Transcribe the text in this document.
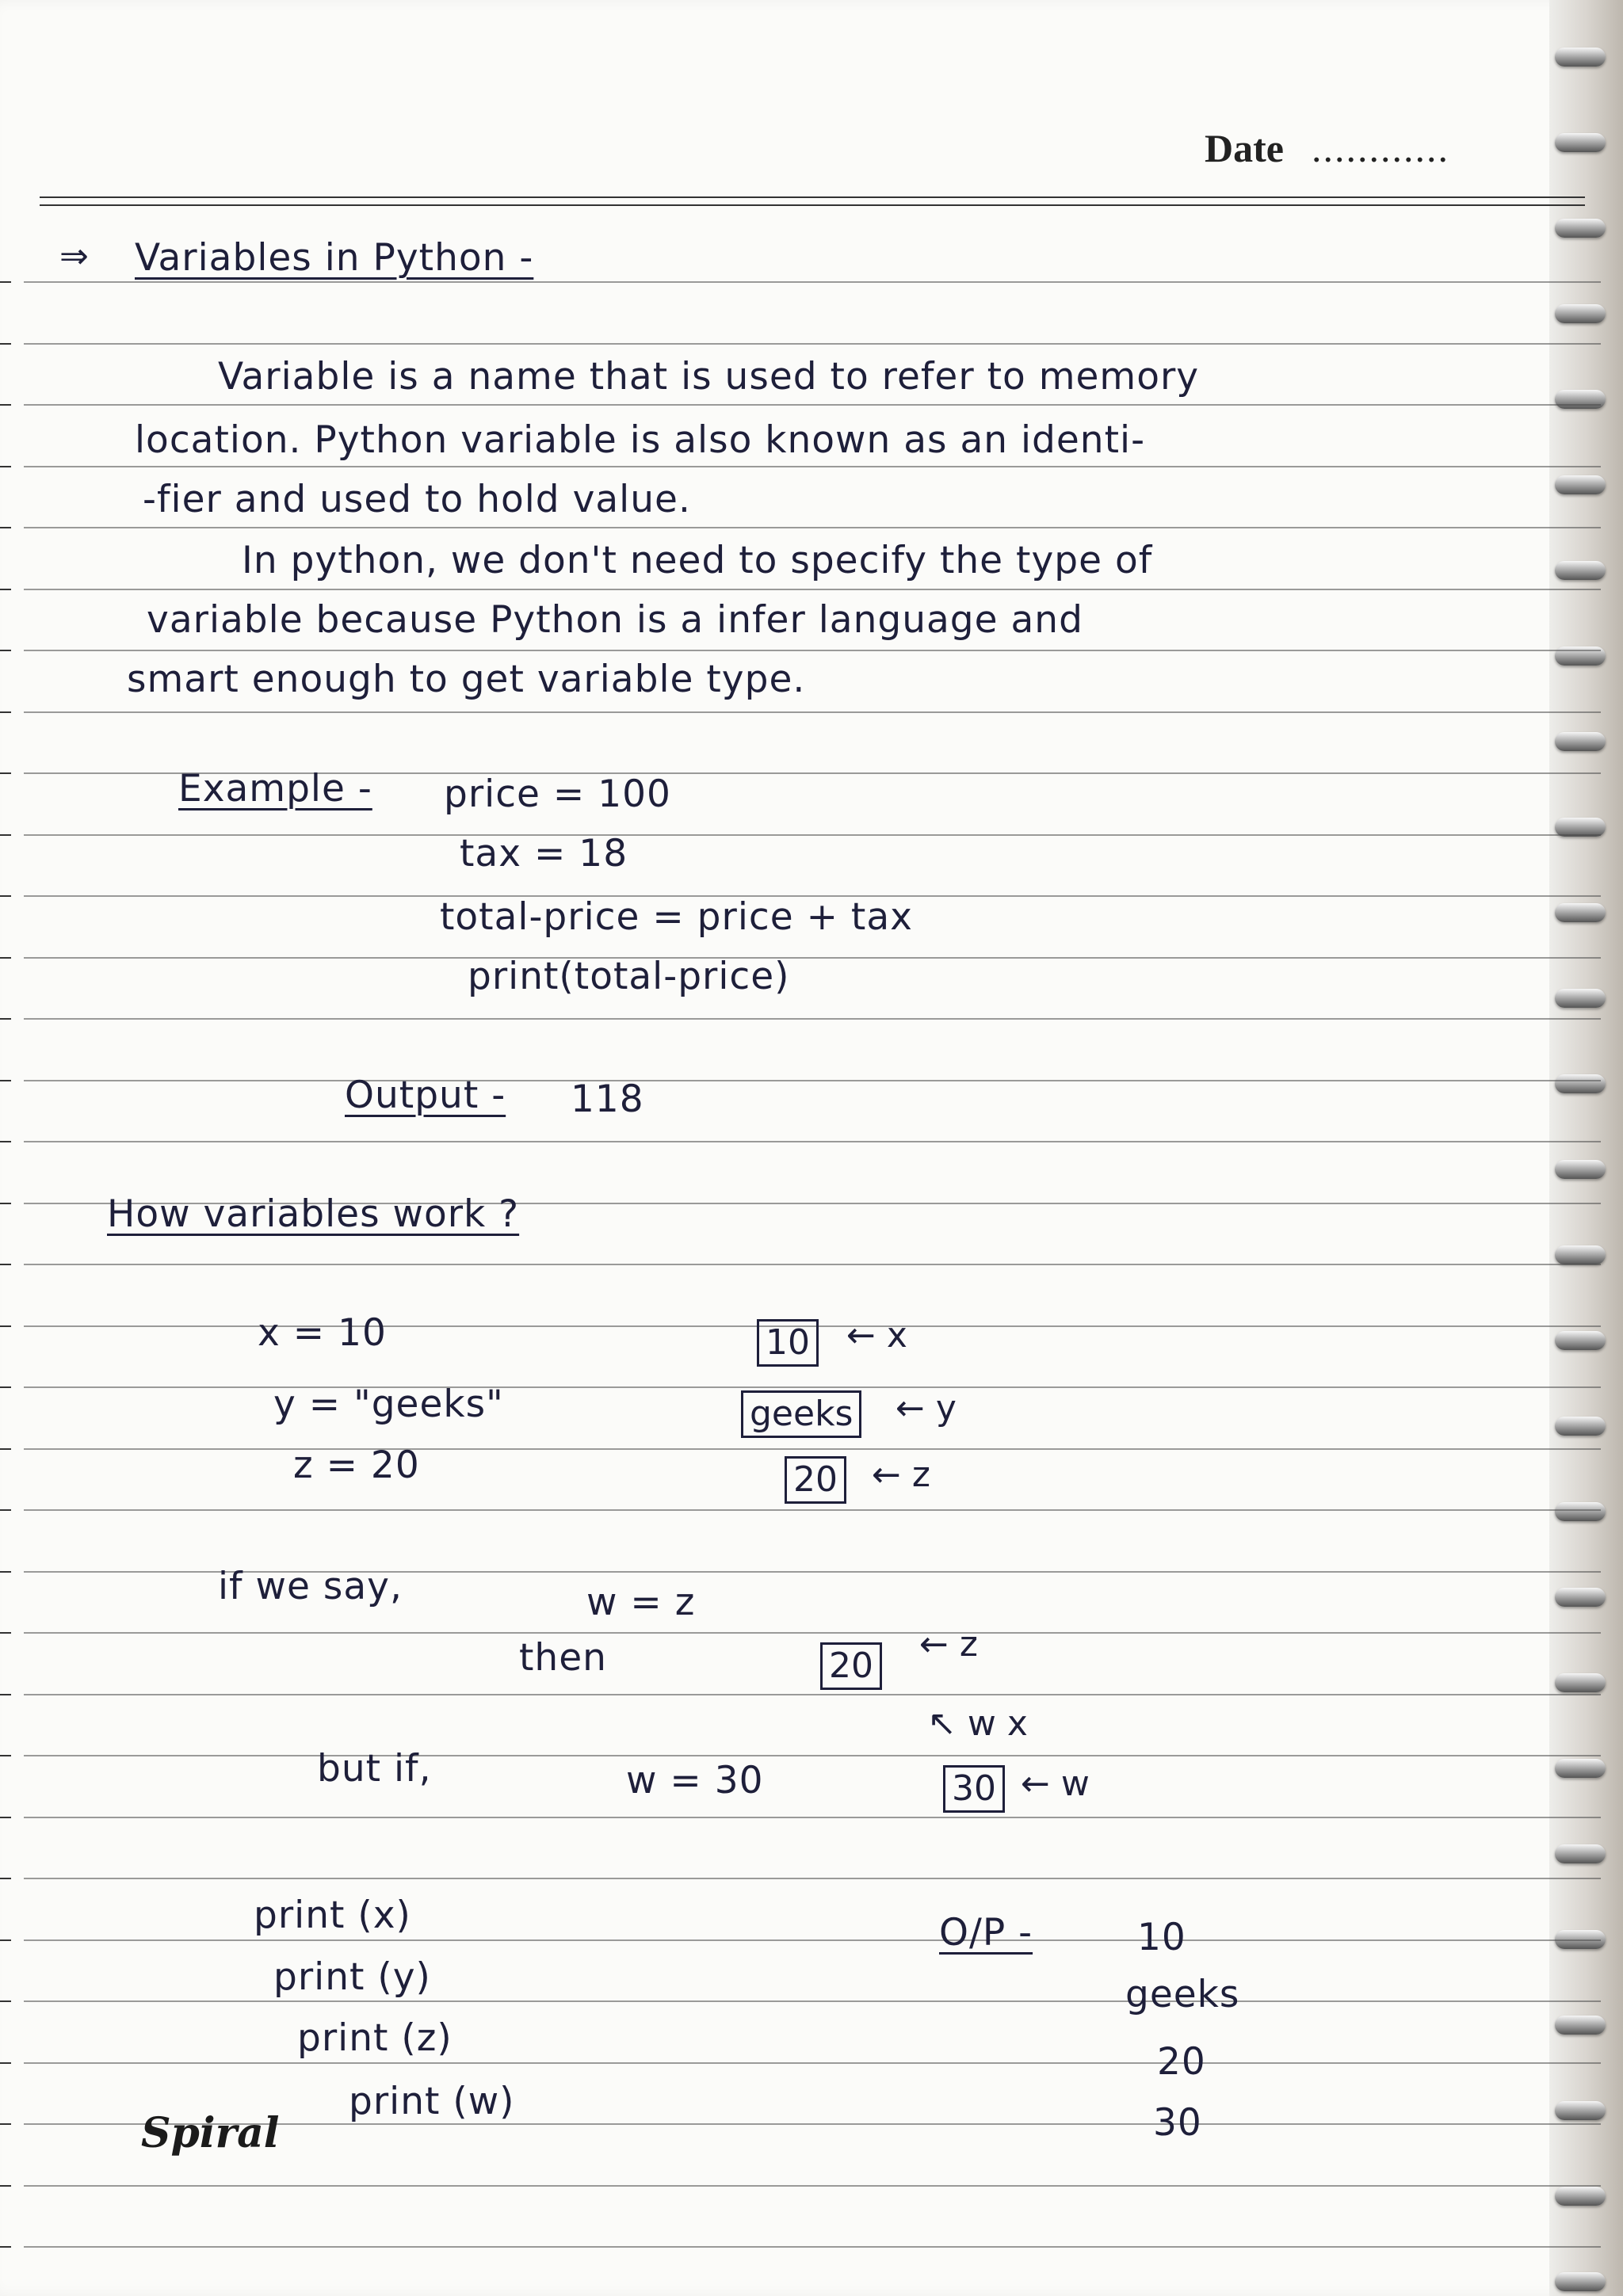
Date ............
⇒ Variables in Python -
Variable is a name that is used to refer to memory
location. Python variable is also known as an identi-
-fier and used to hold value.
In python, we don't need to specify the type of
variable because Python is a infer language and
smart enough to get variable type.
Example - price = 100
tax = 18
total-price = price + tax
print(total-price)
Output - 118
How variables work ?
x = 10	10 ← x
y = "geeks"	geeks ← y
z = 20	20 ← z
if we say,	w = z
then	20
← z
↖ w x
but if,	w = 30	30 ← w
print (x)
print (y)
print (z)
print (w)
O/P -	10
geeks
20
30
Spiral
